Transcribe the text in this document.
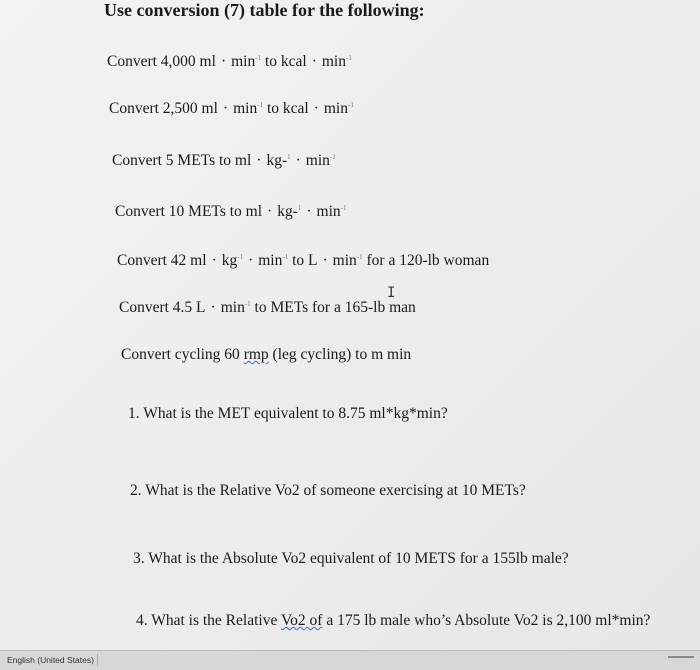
Use conversion (7) table for the following:
Convert 4,000 ml · $\min^{-1}$ to kcal · $\min^{-1}$
Convert 2,500 ml · $\min^{-1}$ to kcal · $\min^{-1}$
Convert 5 METs to ml · $kg-^1 \cdot \min^{-1}$
Convert 10 METs to ml · $kg-^1 \cdot \min^{-1}$
Convert 42 ml · $kg^{-1} \cdot \min^{-1}$ to $L \cdot \min^{-1}$ for a 120-lb woman
Convert 4.5 $L \cdot \min^{-1}$ to METs for a 165-lb man
I
Convert cycling 60 rmp (leg cycling) to m min
1. What is the MET equivalent to 8.75 ml*kg*min?
2. What is the Relative Vo2 of someone exercising at 10 METs?
3. What is the Absolute Vo2 equivalent of 10 METS for a 155lb male?
4. What is the Relative Vo2 of a 175 lb male who’s Absolute Vo2 is 2,100 ml*min?
English (United States)
